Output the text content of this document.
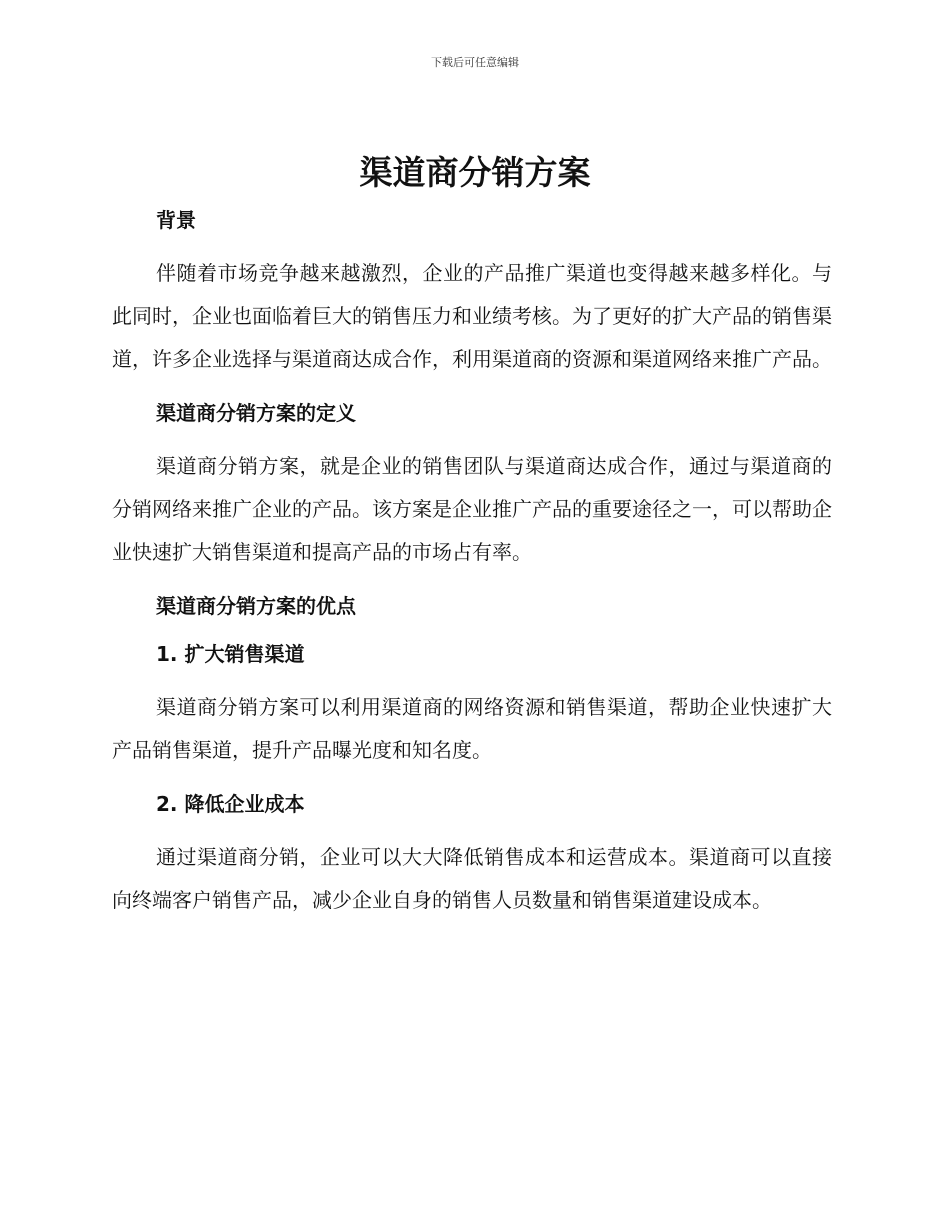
下载后可任意编辑
渠道商分销方案

背景

伴随着市场竞争越来越激烈，企业的产品推广渠道也变得越来越多样化。与此同时，企业也面临着巨大的销售压力和业绩考核。为了更好的扩大产品的销售渠道，许多企业选择与渠道商达成合作，利用渠道商的资源和渠道网络来推广产品。

渠道商分销方案的定义

渠道商分销方案，就是企业的销售团队与渠道商达成合作，通过与渠道商的分销网络来推广企业的产品。该方案是企业推广产品的重要途径之一，可以帮助企业快速扩大销售渠道和提高产品的市场占有率。

渠道商分销方案的优点

1. 扩大销售渠道

渠道商分销方案可以利用渠道商的网络资源和销售渠道，帮助企业快速扩大产品销售渠道，提升产品曝光度和知名度。

2. 降低企业成本

通过渠道商分销，企业可以大大降低销售成本和运营成本。渠道商可以直接向终端客户销售产品，减少企业自身的销售人员数量和销售渠道建设成本。
